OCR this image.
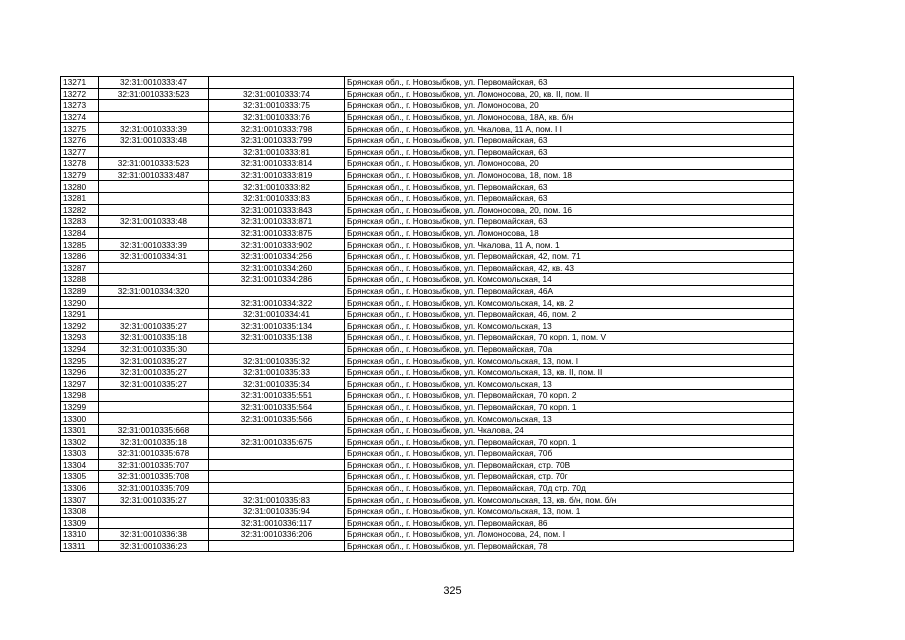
13271	32:31:0010333:47		Брянская обл., г. Новозыбков, ул. Первомайская, 63
13272	32:31:0010333:523	32:31:0010333:74	Брянская обл., г. Новозыбков, ул. Ломоносова, 20, кв. II, пом. II
13273		32:31:0010333:75	Брянская обл., г. Новозыбков, ул. Ломоносова, 20
13274		32:31:0010333:76	Брянская обл., г. Новозыбков, ул. Ломоносова, 18А, кв. б/н
13275	32:31:0010333:39	32:31:0010333:798	Брянская обл., г. Новозыбков, ул. Чкалова, 11 А, пом. I I
13276	32:31:0010333:48	32:31:0010333:799	Брянская обл., г. Новозыбков, ул. Первомайская, 63
13277		32:31:0010333:81	Брянская обл., г. Новозыбков, ул. Первомайская, 63
13278	32:31:0010333:523	32:31:0010333:814	Брянская обл., г. Новозыбков, ул. Ломоносова, 20
13279	32:31:0010333:487	32:31:0010333:819	Брянская обл., г. Новозыбков, ул. Ломоносова, 18, пом. 18
13280		32:31:0010333:82	Брянская обл., г. Новозыбков, ул. Первомайская, 63
13281		32:31:0010333:83	Брянская обл., г. Новозыбков, ул. Первомайская, 63
13282		32:31:0010333:843	Брянская обл., г. Новозыбков, ул. Ломоносова, 20, пом. 16
13283	32:31:0010333:48	32:31:0010333:871	Брянская обл., г. Новозыбков, ул. Первомайская, 63
13284		32:31:0010333:875	Брянская обл., г. Новозыбков, ул. Ломоносова, 18
13285	32:31:0010333:39	32:31:0010333:902	Брянская обл., г. Новозыбков, ул. Чкалова, 11 А, пом. 1
13286	32:31:0010334:31	32:31:0010334:256	Брянская обл., г. Новозыбков, ул. Первомайская, 42, пом. 71
13287		32:31:0010334:260	Брянская обл., г. Новозыбков, ул. Первомайская, 42, кв. 43
13288		32:31:0010334:286	Брянская обл., г. Новозыбков, ул. Комсомольская, 14
13289	32:31:0010334:320		Брянская обл., г. Новозыбков, ул. Первомайская, 46А
13290		32:31:0010334:322	Брянская обл., г. Новозыбков, ул. Комсомольская, 14, кв. 2
13291		32:31:0010334:41	Брянская обл., г. Новозыбков, ул. Первомайская, 46, пом. 2
13292	32:31:0010335:27	32:31:0010335:134	Брянская обл., г. Новозыбков, ул. Комсомольская, 13
13293	32:31:0010335:18	32:31:0010335:138	Брянская обл., г. Новозыбков, ул. Первомайская, 70 корп. 1, пом. V
13294	32:31:0010335:30		Брянская обл., г. Новозыбков, ул. Первомайская, 70а
13295	32:31:0010335:27	32:31:0010335:32	Брянская обл., г. Новозыбков, ул. Комсомольская, 13, пом. I
13296	32:31:0010335:27	32:31:0010335:33	Брянская обл., г. Новозыбков, ул. Комсомольская, 13, кв. II, пом. II
13297	32:31:0010335:27	32:31:0010335:34	Брянская обл., г. Новозыбков, ул. Комсомольская, 13
13298		32:31:0010335:551	Брянская обл., г. Новозыбков, ул. Первомайская, 70 корп. 2
13299		32:31:0010335:564	Брянская обл., г. Новозыбков, ул. Первомайская, 70 корп. 1
13300		32:31:0010335:566	Брянская обл., г. Новозыбков, ул. Комсомольская, 13
13301	32:31:0010335:668		Брянская обл., г. Новозыбков, ул. Чкалова, 24
13302	32:31:0010335:18	32:31:0010335:675	Брянская обл., г. Новозыбков, ул. Первомайская, 70 корп. 1
13303	32:31:0010335:678		Брянская обл., г. Новозыбков, ул. Первомайская, 70б
13304	32:31:0010335:707		Брянская обл., г. Новозыбков, ул. Первомайская, стр. 70В
13305	32:31:0010335:708		Брянская обл., г. Новозыбков, ул. Первомайская, стр. 70г
13306	32:31:0010335:709		Брянская обл., г. Новозыбков, ул. Первомайская, 70д стр. 70д
13307	32:31:0010335:27	32:31:0010335:83	Брянская обл., г. Новозыбков, ул. Комсомольская, 13, кв. б/н, пом. б/н
13308		32:31:0010335:94	Брянская обл., г. Новозыбков, ул. Комсомольская, 13, пом. 1
13309		32:31:0010336:117	Брянская обл., г. Новозыбков, ул. Первомайская, 86
13310	32:31:0010336:38	32:31:0010336:206	Брянская обл., г. Новозыбков, ул. Ломоносова, 24, пом. I
13311	32:31:0010336:23		Брянская обл., г. Новозыбков, ул. Первомайская, 78
325
